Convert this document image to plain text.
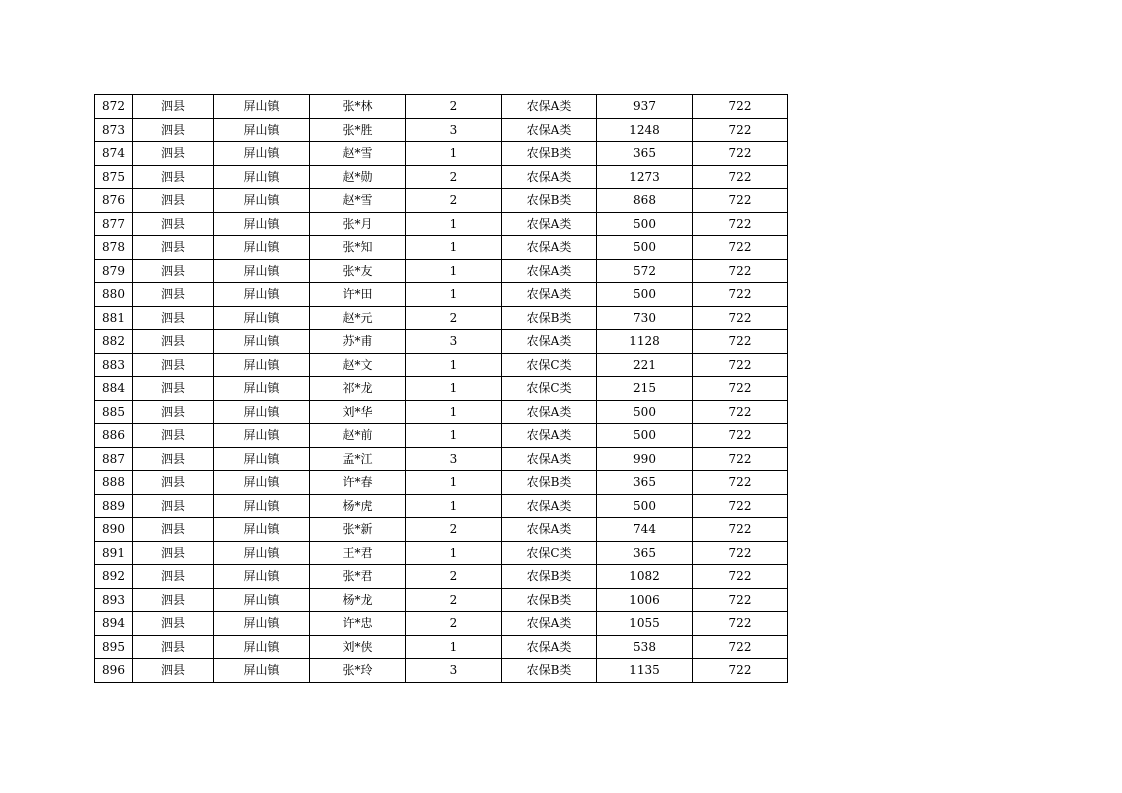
872	泗县	屏山镇	张*林	2	农保A类	937	722
873	泗县	屏山镇	张*胜	3	农保A类	1248	722
874	泗县	屏山镇	赵*雪	1	农保B类	365	722
875	泗县	屏山镇	赵*勋	2	农保A类	1273	722
876	泗县	屏山镇	赵*雪	2	农保B类	868	722
877	泗县	屏山镇	张*月	1	农保A类	500	722
878	泗县	屏山镇	张*知	1	农保A类	500	722
879	泗县	屏山镇	张*友	1	农保A类	572	722
880	泗县	屏山镇	许*田	1	农保A类	500	722
881	泗县	屏山镇	赵*元	2	农保B类	730	722
882	泗县	屏山镇	苏*甫	3	农保A类	1128	722
883	泗县	屏山镇	赵*文	1	农保C类	221	722
884	泗县	屏山镇	祁*龙	1	农保C类	215	722
885	泗县	屏山镇	刘*华	1	农保A类	500	722
886	泗县	屏山镇	赵*前	1	农保A类	500	722
887	泗县	屏山镇	孟*江	3	农保A类	990	722
888	泗县	屏山镇	许*春	1	农保B类	365	722
889	泗县	屏山镇	杨*虎	1	农保A类	500	722
890	泗县	屏山镇	张*新	2	农保A类	744	722
891	泗县	屏山镇	王*君	1	农保C类	365	722
892	泗县	屏山镇	张*君	2	农保B类	1082	722
893	泗县	屏山镇	杨*龙	2	农保B类	1006	722
894	泗县	屏山镇	许*忠	2	农保A类	1055	722
895	泗县	屏山镇	刘*侠	1	农保A类	538	722
896	泗县	屏山镇	张*玲	3	农保B类	1135	722
